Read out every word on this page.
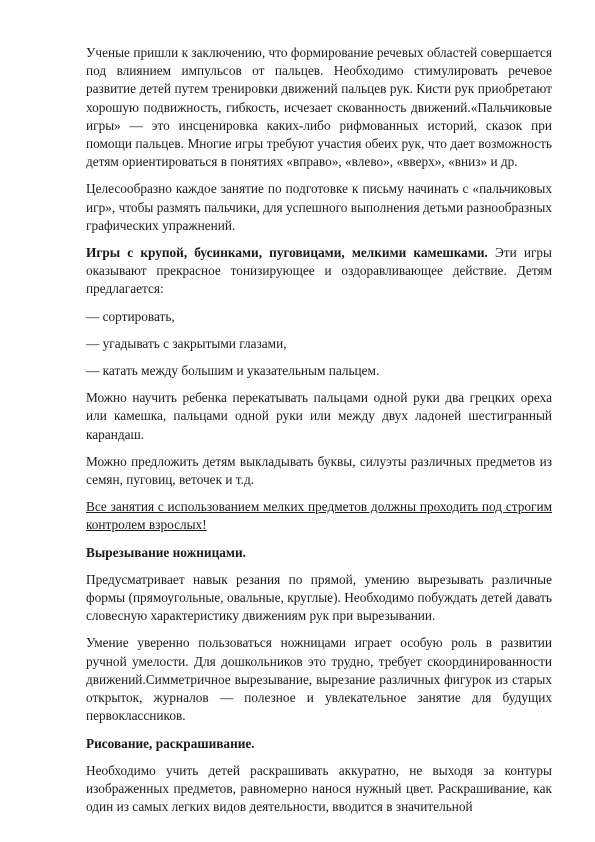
Ученые пришли к заключению, что формирование речевых областей совершается под влиянием импульсов от пальцев. Необходимо стимулировать речевое развитие детей путем тренировки движений пальцев рук. Кисти рук приобретают хорошую подвижность, гибкость, исчезает скованность движений.«Пальчиковые игры» — это инсценировка каких-либо рифмованных историй, сказок при помощи пальцев. Многие игры требуют участия обеих рук, что дает возможность детям ориентироваться в понятиях «вправо», «влево», «вверх», «вниз» и др.

Целесообразно каждое занятие по подготовке к письму начинать с «пальчиковых игр», чтобы размять пальчики, для успешного выполнения детьми разнообразных графических упражнений.

Игры с крупой, бусинками, пуговицами, мелкими камешками. Эти игры оказывают прекрасное тонизирующее и оздоравливающее действие. Детям предлагается:

— сортировать,

— угадывать с закрытыми глазами,

— катать между большим и указательным пальцем.

Можно научить ребенка перекатывать пальцами одной руки два грецких ореха или камешка, пальцами одной руки или между двух ладоней шестигранный карандаш.

Можно предложить детям выкладывать буквы, силуэты различных предметов из семян, пуговиц, веточек и т.д.

Все занятия с использованием мелких предметов должны проходить под строгим контролем взрослых!

Вырезывание ножницами.

Предусматривает навык резания по прямой, умению вырезывать различные формы (прямоугольные, овальные, круглые). Необходимо побуждать детей давать словесную характеристику движениям рук при вырезывании.

Умение уверенно пользоваться ножницами играет особую роль в развитии ручной умелости. Для дошкольников это трудно, требует скоординированности движений.Симметричное вырезывание, вырезание различных фигурок из старых открыток, журналов — полезное и увлекательное занятие для будущих первоклассников.

Рисование, раскрашивание.

Необходимо учить детей раскрашивать аккуратно, не выходя за контуры изображенных предметов, равномерно нанося нужный цвет. Раскрашивание, как один из самых легких видов деятельности, вводится в значительной
